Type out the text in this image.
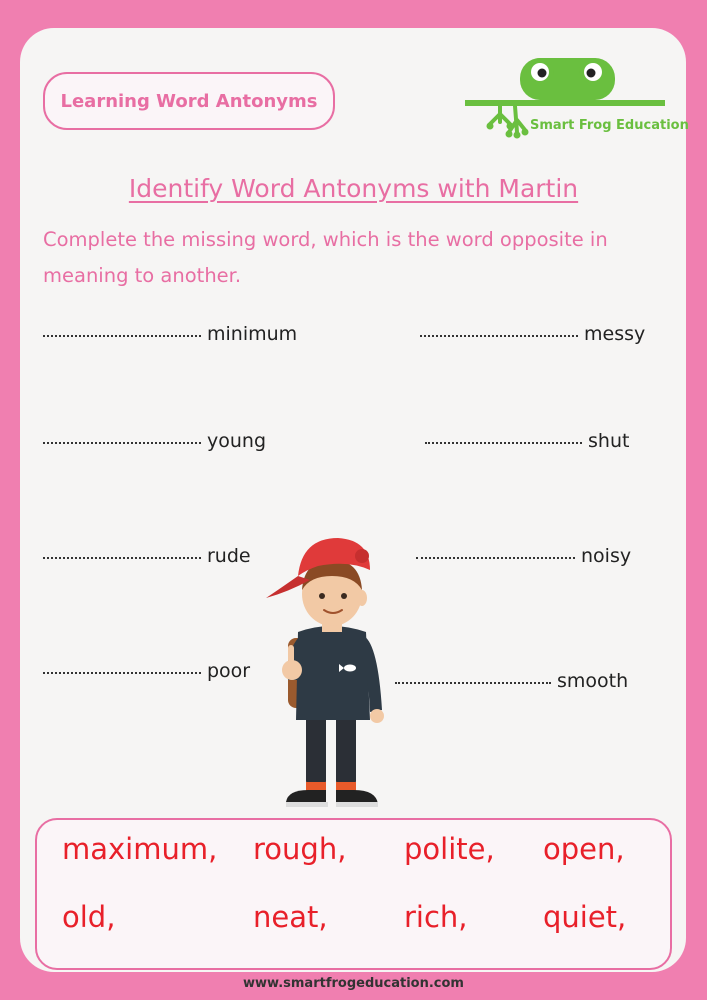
Learning Word Antonyms
Smart Frog Education
Identify Word Antonyms with Martin
Complete the missing word, which is the word opposite in meaning to another.
minimum	messy
young	shut
rude	noisy
poor	smooth
maximum, rough, polite, open,
old,	neat,	rich,	quiet,
www.smartfrogeducation.com
